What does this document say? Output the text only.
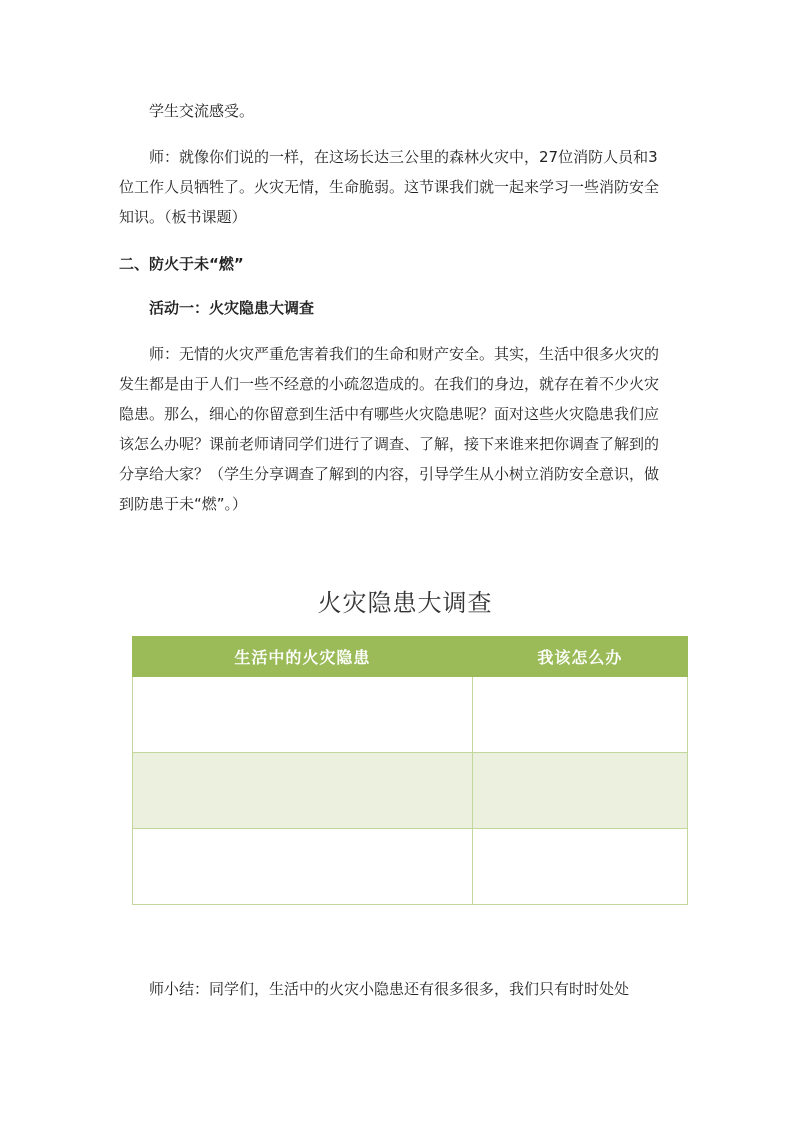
学生交流感受。

师：就像你们说的一样，在这场长达三公里的森林火灾中，27位消防人员和3位工作人员牺牲了。火灾无情，生命脆弱。这节课我们就一起来学习一些消防安全知识。（板书课题）

二、防火于未“燃”

活动一：火灾隐患大调查

师：无情的火灾严重危害着我们的生命和财产安全。其实，生活中很多火灾的发生都是由于人们一些不经意的小疏忽造成的。在我们的身边，就存在着不少火灾隐患。那么，细心的你留意到生活中有哪些火灾隐患呢？面对这些火灾隐患我们应该怎么办呢？课前老师请同学们进行了调查、了解，接下来谁来把你调查了解到的分享给大家？（学生分享调查了解到的内容，引导学生从小树立消防安全意识，做到防患于未“燃”。）

火灾隐患大调查
生活中的火灾隐患	我该怎么办

师小结：同学们，生活中的火灾小隐患还有很多很多，我们只有时时处处
